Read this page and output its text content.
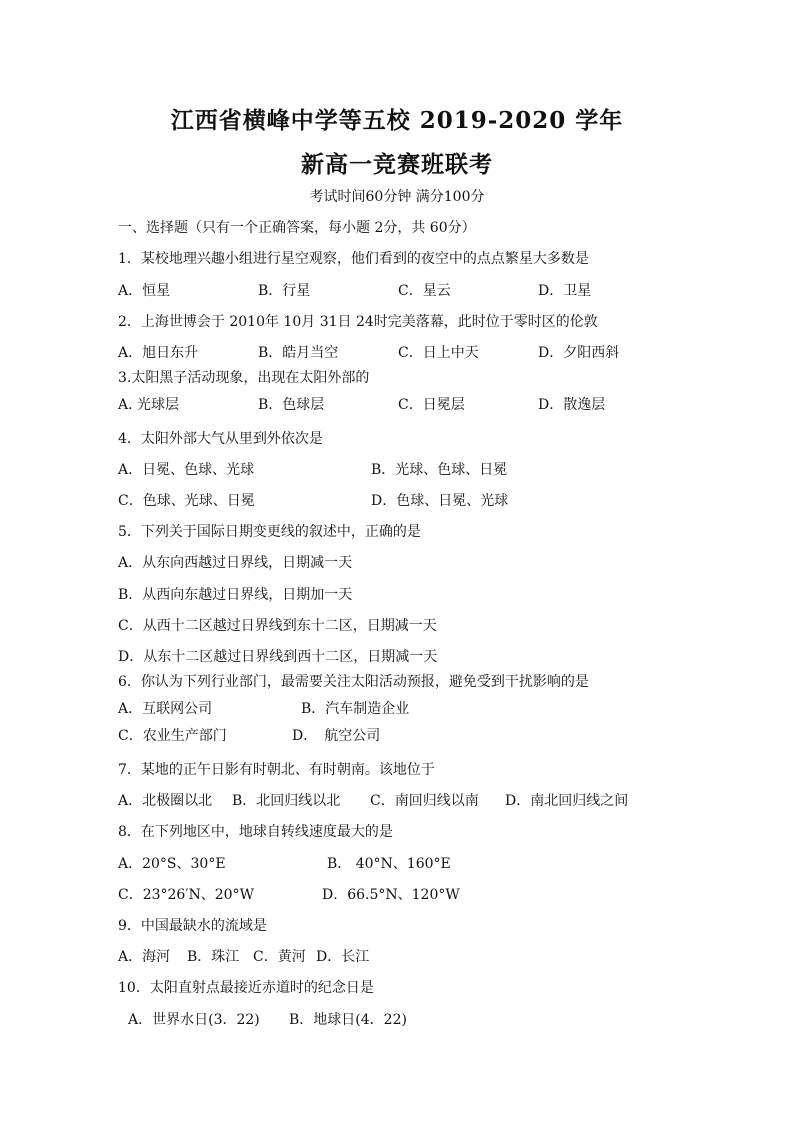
江西省横峰中学等五校 2019-2020 学年
新高一竞赛班联考
考试时间60分钟 满分100分
一、选择题（只有一个正确答案，每小题 2分，共 60分）
1．某校地理兴趣小组进行星空观察，他们看到的夜空中的点点繁星大多数是
A．恒星	B．行星	C．星云	D．卫星
2．上海世博会于 2010年 10月 31日 24时完美落幕，此时位于零时区的伦敦
A．旭日东升	B．皓月当空	C．日上中天	D．夕阳西斜
3.太阳黑子活动现象，出现在太阳外部的
A. 光球层	B．色球层	C．日冕层	D．散逸层
4．太阳外部大气从里到外依次是
A．日冕、色球、光球	B．光球、色球、日冕
C．色球、光球、日冕	D．色球、日冕、光球
5．下列关于国际日期变更线的叙述中，正确的是
A．从东向西越过日界线，日期减一天
B．从西向东越过日界线，日期加一天
C．从西十二区越过日界线到东十二区，日期减一天
D．从东十二区越过日界线到西十二区，日期减一天
6．你认为下列行业部门，最需要关注太阳活动预报，避免受到干扰影响的是
A．互联网公司	B．汽车制造企业
C．农业生产部门	D．　航空公司
7．某地的正午日影有时朝北、有时朝南。该地位于
A．北极圈以北 B．北回归线以北 C．南回归线以南 D．南北回归线之间
8．在下列地区中，地球自转线速度最大的是
A．20°S、30°E	B． 40°N、160°E
C．23°26′N、20°W	D．66.5°N、120°W
9．中国最缺水的流域是
A．海河 B．珠江 C．黄河 D．长江
10．太阳直射点最接近赤道时的纪念日是
A．世界水日(3．22) B．地球日(4．22)
